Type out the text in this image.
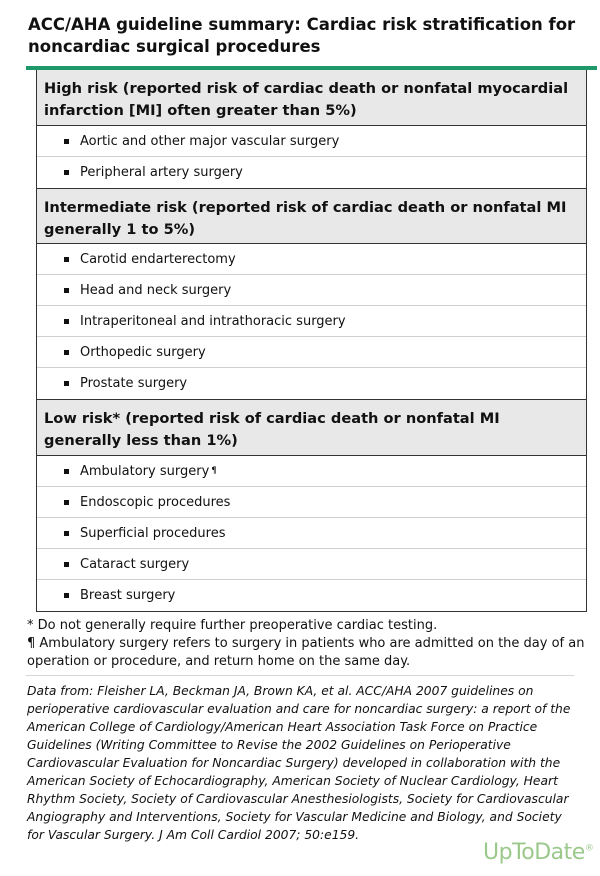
ACC/AHA guideline summary: Cardiac risk stratification for noncardiac surgical procedures
High risk (reported risk of cardiac death or nonfatal myocardial infarction [MI] often greater than 5%)
Aortic and other major vascular surgery
Peripheral artery surgery
Intermediate risk (reported risk of cardiac death or nonfatal MI generally 1 to 5%)
Carotid endarterectomy
Head and neck surgery
Intraperitoneal and intrathoracic surgery
Orthopedic surgery
Prostate surgery
Low risk* (reported risk of cardiac death or nonfatal MI generally less than 1%)
Ambulatory surgery ¶
Endoscopic procedures
Superficial procedures
Cataract surgery
Breast surgery
* Do not generally require further preoperative cardiac testing.
¶ Ambulatory surgery refers to surgery in patients who are admitted on the day of an operation or procedure, and return home on the same day.
Data from: Fleisher LA, Beckman JA, Brown KA, et al. ACC/AHA 2007 guidelines on perioperative cardiovascular evaluation and care for noncardiac surgery: a report of the American College of Cardiology/American Heart Association Task Force on Practice Guidelines (Writing Committee to Revise the 2002 Guidelines on Perioperative Cardiovascular Evaluation for Noncardiac Surgery) developed in collaboration with the American Society of Echocardiography, American Society of Nuclear Cardiology, Heart Rhythm Society, Society of Cardiovascular Anesthesiologists, Society for Cardiovascular Angiography and Interventions, Society for Vascular Medicine and Biology, and Society for Vascular Surgery. J Am Coll Cardiol 2007; 50:e159.
UpToDate®
